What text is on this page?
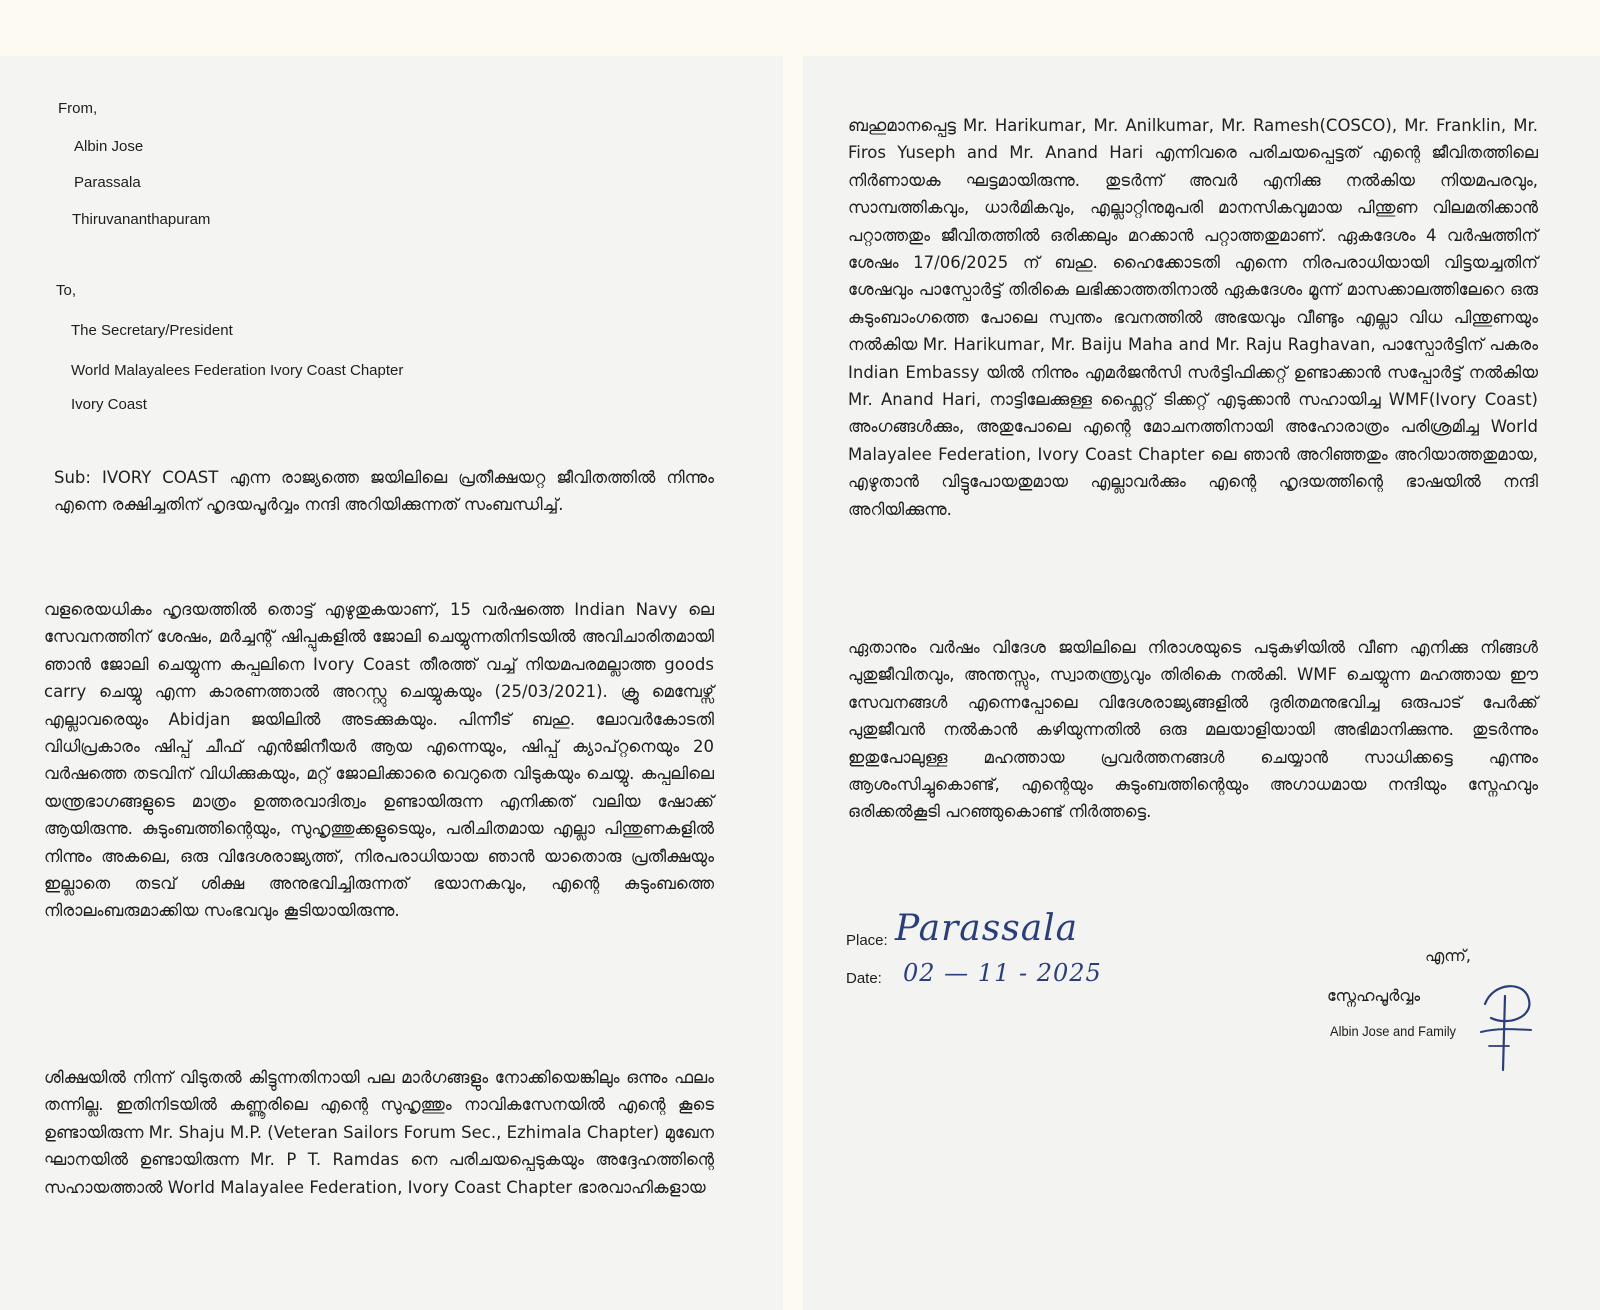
From,
Albin Jose
Parassala
Thiruvananthapuram
To,
The Secretary/President
World Malayalees Federation Ivory Coast Chapter
Ivory Coast

Sub: IVORY COAST എന്ന രാജ്യത്തെ ജയിലിലെ പ്രതീക്ഷയറ്റ ജീവിതത്തിൽ നിന്നും എന്നെ രക്ഷിച്ചതിന് ഹൃദയപൂർവ്വം നന്ദി അറിയിക്കുന്നത് സംബന്ധിച്ച്.

വളരെയധികം ഹൃദയത്തിൽ തൊട്ട് എഴുതുകയാണ്, 15 വർഷത്തെ Indian Navy ലെ സേവനത്തിന് ശേഷം, മർച്ചന്റ് ഷിപ്പുകളിൽ ജോലി ചെയ്യുന്നതിനിടയിൽ അവിചാരിതമായി ഞാൻ ജോലി ചെയ്യുന്ന കപ്പലിനെ Ivory Coast തീരത്ത് വച്ച് നിയമപരമല്ലാത്ത goods carry ചെയ്യു എന്ന കാരണത്താൽ അറസ്റ്റു ചെയ്യുകയും (25/03/2021). ക്രൂ മെമ്പേഴ്സ് എല്ലാവരെയും Abidjan ജയിലിൽ അടക്കുകയും. പിന്നീട് ബഹു. ലോവർകോടതി വിധിപ്രകാരം ഷിപ്പ് ചീഫ് എൻജിനീയർ ആയ എന്നെയും, ഷിപ്പ് ക്യാപ്റ്റനെയും 20 വർഷത്തെ തടവിന് വിധിക്കുകയും, മറ്റ് ജോലിക്കാരെ വെറുതെ വിടുകയും ചെയ്യു. കപ്പലിലെ യന്ത്രഭാഗങ്ങളുടെ മാത്രം ഉത്തരവാദിത്വം ഉണ്ടായിരുന്ന എനിക്കത് വലിയ ഷോക്ക് ആയിരുന്നു. കുടുംബത്തിന്റെയും, സുഹൃത്തുക്കളുടെയും, പരിചിതമായ എല്ലാ പിന്തുണകളിൽ നിന്നും അകലെ, ഒരു വിദേശരാജ്യത്ത്, നിരപരാധിയായ ഞാൻ യാതൊരു പ്രതീക്ഷയും ഇല്ലാതെ തടവ് ശിക്ഷ അനുഭവിച്ചിരുന്നത് ഭയാനകവും, എന്റെ കുടുംബത്തെ നിരാലംബരുമാക്കിയ സംഭവവും കൂടിയായിരുന്നു.

ശിക്ഷയിൽ നിന്ന് വിടുതൽ കിട്ടുന്നതിനായി പല മാർഗങ്ങളും നോക്കിയെങ്കിലും ഒന്നും ഫലം തന്നില്ല. ഇതിനിടയിൽ കണ്ണൂരിലെ എന്റെ സുഹൃത്തും നാവികസേനയിൽ എന്റെ കൂടെ ഉണ്ടായിരുന്ന Mr. Shaju M.P. (Veteran Sailors Forum Sec., Ezhimala Chapter) മുഖേന ഘാനയിൽ ഉണ്ടായിരുന്ന Mr. P T. Ramdas നെ പരിചയപ്പെടുകയും അദ്ദേഹത്തിന്റെ സഹായത്താൽ World Malayalee Federation, Ivory Coast Chapter ഭാരവാഹികളായ

ബഹുമാനപ്പെട്ട Mr. Harikumar, Mr. Anilkumar, Mr. Ramesh(COSCO), Mr. Franklin, Mr. Firos Yuseph and Mr. Anand Hari എന്നിവരെ പരിചയപ്പെട്ടത് എന്റെ ജീവിതത്തിലെ നിർണായക ഘട്ടമായിരുന്നു. തുടർന്ന് അവർ എനിക്കു നൽകിയ നിയമപരവും, സാമ്പത്തികവും, ധാർമികവും, എല്ലാറ്റിനുമുപരി മാനസികവുമായ പിന്തുണ വിലമതിക്കാൻ പറ്റാത്തതും ജീവിതത്തിൽ ഒരിക്കലും മറക്കാൻ പറ്റാത്തതുമാണ്. ഏകദേശം 4 വർഷത്തിന് ശേഷം 17/06/2025 ന് ബഹു. ഹൈക്കോടതി എന്നെ നിരപരാധിയായി വിട്ടയച്ചതിന് ശേഷവും പാസ്പോർട്ട് തിരികെ ലഭിക്കാത്തതിനാൽ ഏകദേശം മൂന്ന് മാസക്കാലത്തിലേറെ ഒരു കുടുംബാംഗത്തെ പോലെ സ്വന്തം ഭവനത്തിൽ അഭയവും വീണ്ടും എല്ലാ വിധ പിന്തുണയും നൽകിയ Mr. Harikumar, Mr. Baiju Maha and Mr. Raju Raghavan, പാസ്പോർട്ടിന് പകരം Indian Embassy യിൽ നിന്നും എമർജൻസി സർട്ടിഫിക്കറ്റ് ഉണ്ടാക്കാൻ സപ്പോർട്ട് നൽകിയ Mr. Anand Hari, നാട്ടിലേക്കുള്ള ഫ്ലൈറ്റ് ടിക്കറ്റ് എടുക്കാൻ സഹായിച്ച WMF(Ivory Coast) അംഗങ്ങൾക്കും, അതുപോലെ എന്റെ മോചനത്തിനായി അഹോരാത്രം പരിശ്രമിച്ച World Malayalee Federation, Ivory Coast Chapter ലെ ഞാൻ അറിഞ്ഞതും അറിയാത്തതുമായ, എഴുതാൻ വിട്ടുപോയതുമായ എല്ലാവർക്കും എന്റെ ഹൃദയത്തിന്റെ ഭാഷയിൽ നന്ദി അറിയിക്കുന്നു.

ഏതാനും വർഷം വിദേശ ജയിലിലെ നിരാശയുടെ പടുകുഴിയിൽ വീണ എനിക്കു നിങ്ങൾ പുതുജീവിതവും, അന്തസ്സും, സ്വാതന്ത്ര്യവും തിരികെ നൽകി. WMF ചെയ്യുന്ന മഹത്തായ ഈ സേവനങ്ങൾ എന്നെപ്പോലെ വിദേശരാജ്യങ്ങളിൽ ദുരിതമനുഭവിച്ച ഒരുപാട് പേർക്ക് പുതുജീവൻ നൽകാൻ കഴിയുന്നതിൽ ഒരു മലയാളിയായി അഭിമാനിക്കുന്നു. തുടർന്നും ഇതുപോലുള്ള മഹത്തായ പ്രവർത്തനങ്ങൾ ചെയ്യാൻ സാധിക്കട്ടെ എന്നും ആശംസിച്ചുകൊണ്ട്, എന്റെയും കുടുംബത്തിന്റെയും അഗാധമായ നന്ദിയും സ്നേഹവും ഒരിക്കൽകൂടി പറഞ്ഞുകൊണ്ട് നിർത്തട്ടെ.

Place: Parassala
Date: 02 — 11 - 2025
എന്ന്,
സ്നേഹപൂർവ്വം
Albin Jose and Family
